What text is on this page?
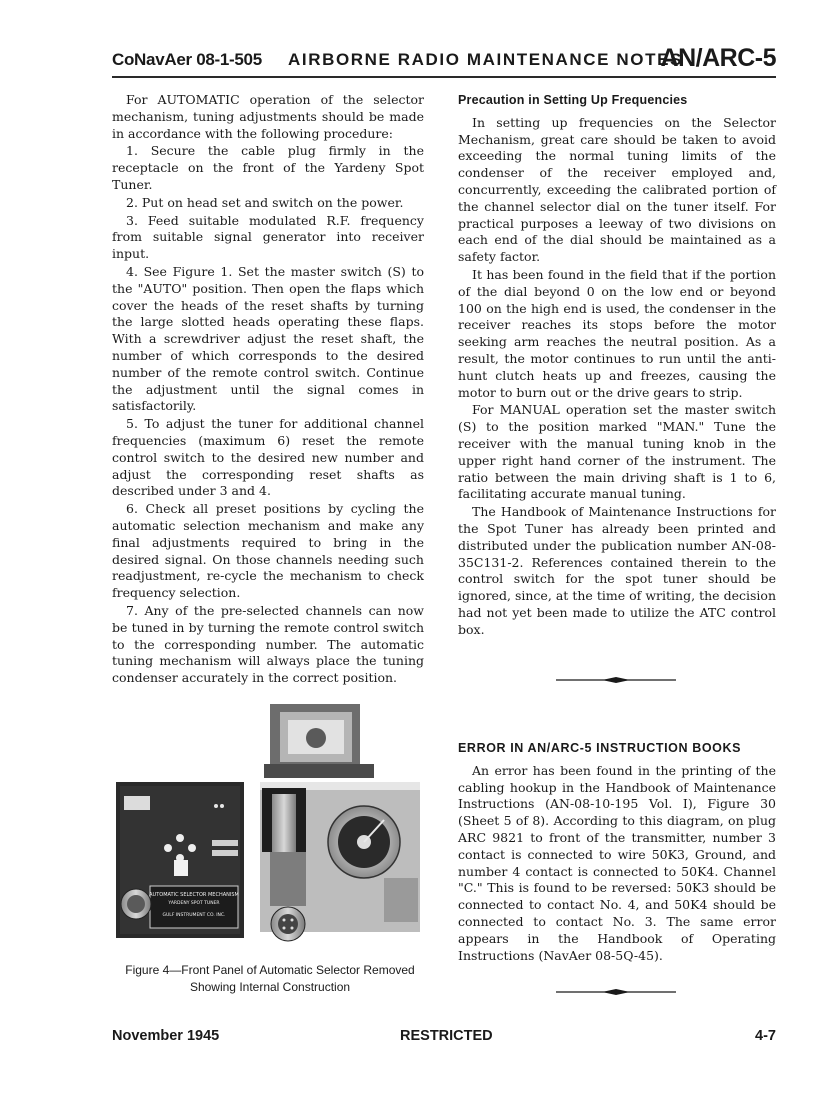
CoNavAer 08-1-505 AIRBORNE RADIO MAINTENANCE NOTES
AN/ARC-5

For AUTOMATIC operation of the selector mechanism, tuning adjustments should be made in accordance with the following procedure:

1. Secure the cable plug firmly in the receptacle on the front of the Yardeny Spot Tuner.

2. Put on head set and switch on the power.

3. Feed suitable modulated R.F. frequency from suitable signal generator into receiver input.

4. See Figure 1. Set the master switch (S) to the "AUTO" position. Then open the flaps which cover the heads of the reset shafts by turning the large slotted heads operating these flaps. With a screwdriver adjust the reset shaft, the number of which corresponds to the desired number of the remote control switch. Continue the adjustment until the signal comes in satisfactorily.

5. To adjust the tuner for additional channel frequencies (maximum 6) reset the remote control switch to the desired new number and adjust the corresponding reset shafts as described under 3 and 4.

6. Check all preset positions by cycling the automatic selection mechanism and make any final adjustments required to bring in the desired signal. On those channels needing such readjustment, re-cycle the mechanism to check frequency selection.

7. Any of the pre-selected channels can now be tuned in by turning the remote control switch to the corresponding number. The automatic tuning mechanism will always place the tuning condenser accurately in the correct position.

Precaution in Setting Up Frequencies

In setting up frequencies on the Selector Mechanism, great care should be taken to avoid exceeding the normal tuning limits of the condenser of the receiver employed and, concurrently, exceeding the calibrated portion of the channel selector dial on the tuner itself. For practical purposes a leeway of two divisions on each end of the dial should be maintained as a safety factor.

It has been found in the field that if the portion of the dial beyond 0 on the low end or beyond 100 on the high end is used, the condenser in the receiver reaches its stops before the motor seeking arm reaches the neutral position. As a result, the motor continues to run until the anti-hunt clutch heats up and freezes, causing the motor to burn out or the drive gears to strip.

For MANUAL operation set the master switch (S) to the position marked "MAN." Tune the receiver with the manual tuning knob in the upper right hand corner of the instrument. The ratio between the main driving shaft is 1 to 6, facilitating accurate manual tuning.

The Handbook of Maintenance Instructions for the Spot Tuner has already been printed and distributed under the publication number AN-08-35C131-2. References contained therein to the control switch for the spot tuner should be ignored, since, at the time of writing, the decision had not yet been made to utilize the ATC control box.

ERROR IN AN/ARC-5 INSTRUCTION BOOKS

An error has been found in the printing of the cabling hookup in the Handbook of Maintenance Instructions (AN-08-10-195 Vol. I), Figure 30 (Sheet 5 of 8). According to this diagram, on plug ARC 9821 to front of the transmitter, number 3 contact is connected to wire 50K3, Ground, and number 4 contact is connected to 50K4. Channel "C." This is found to be reversed: 50K3 should be connected to contact No. 4, and 50K4 should be connected to contact No. 3. The same error appears in the Handbook of Operating Instructions (NavAer 08-5Q-45).

AUTOMATIC SELECTOR MECHANISM
YARDENY SPOT TUNER
GULF INSTRUMENT CO. INC.
Figure 4—Front Panel of Automatic Selector Removed Showing Internal Construction
November 1945	RESTRICTED	4-7
